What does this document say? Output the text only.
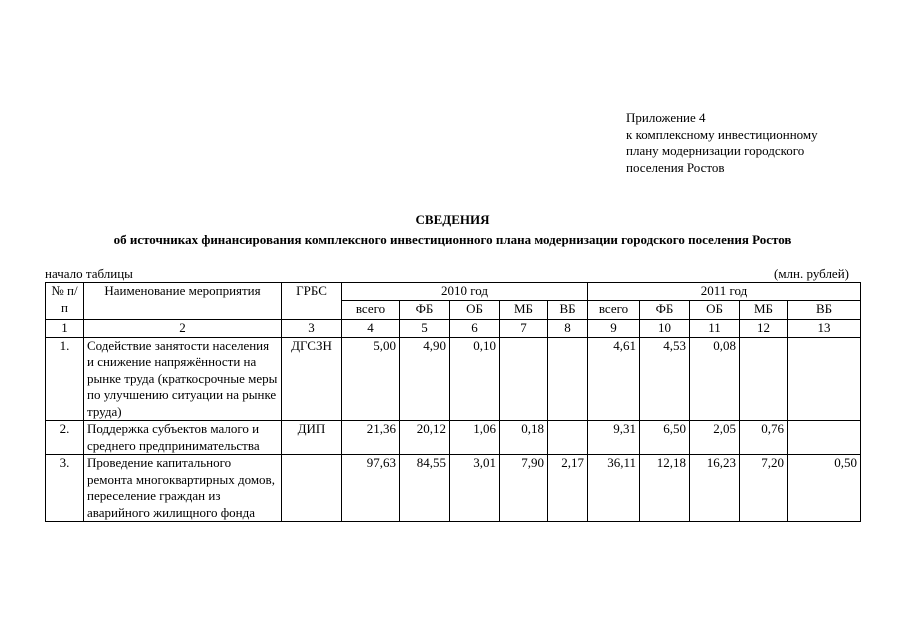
Приложение 4
к комплексному инвестиционному
плану модернизации городского
поселения Ростов
СВЕДЕНИЯ
об источниках финансирования комплексного инвестиционного плана модернизации городского поселения Ростов
начало таблицы	(млн. рублей)
№ п/п	Наименование мероприятия	ГРБС	2010 год					2011 год				
			всего	ФБ	ОБ	МБ	ВБ	всего	ФБ	ОБ	МБ	ВБ
1	2	3	4	5	6	7	8	9	10	11	12	13
1.	Содействие занятости населения и снижение напряжённости на рынке труда (краткосрочные меры по улучшению ситуации на рынке труда)	ДГСЗН	5,00	4,90	0,10			4,61	4,53	0,08		
2.	Поддержка субъектов малого и среднего предпринимательства	ДИП	21,36	20,12	1,06	0,18		9,31	6,50	2,05	0,76	
3.	Проведение капитального ремонта многоквартирных домов, переселение граждан из аварийного жилищного фонда		97,63	84,55	3,01	7,90	2,17	36,11	12,18	16,23	7,20	0,50
